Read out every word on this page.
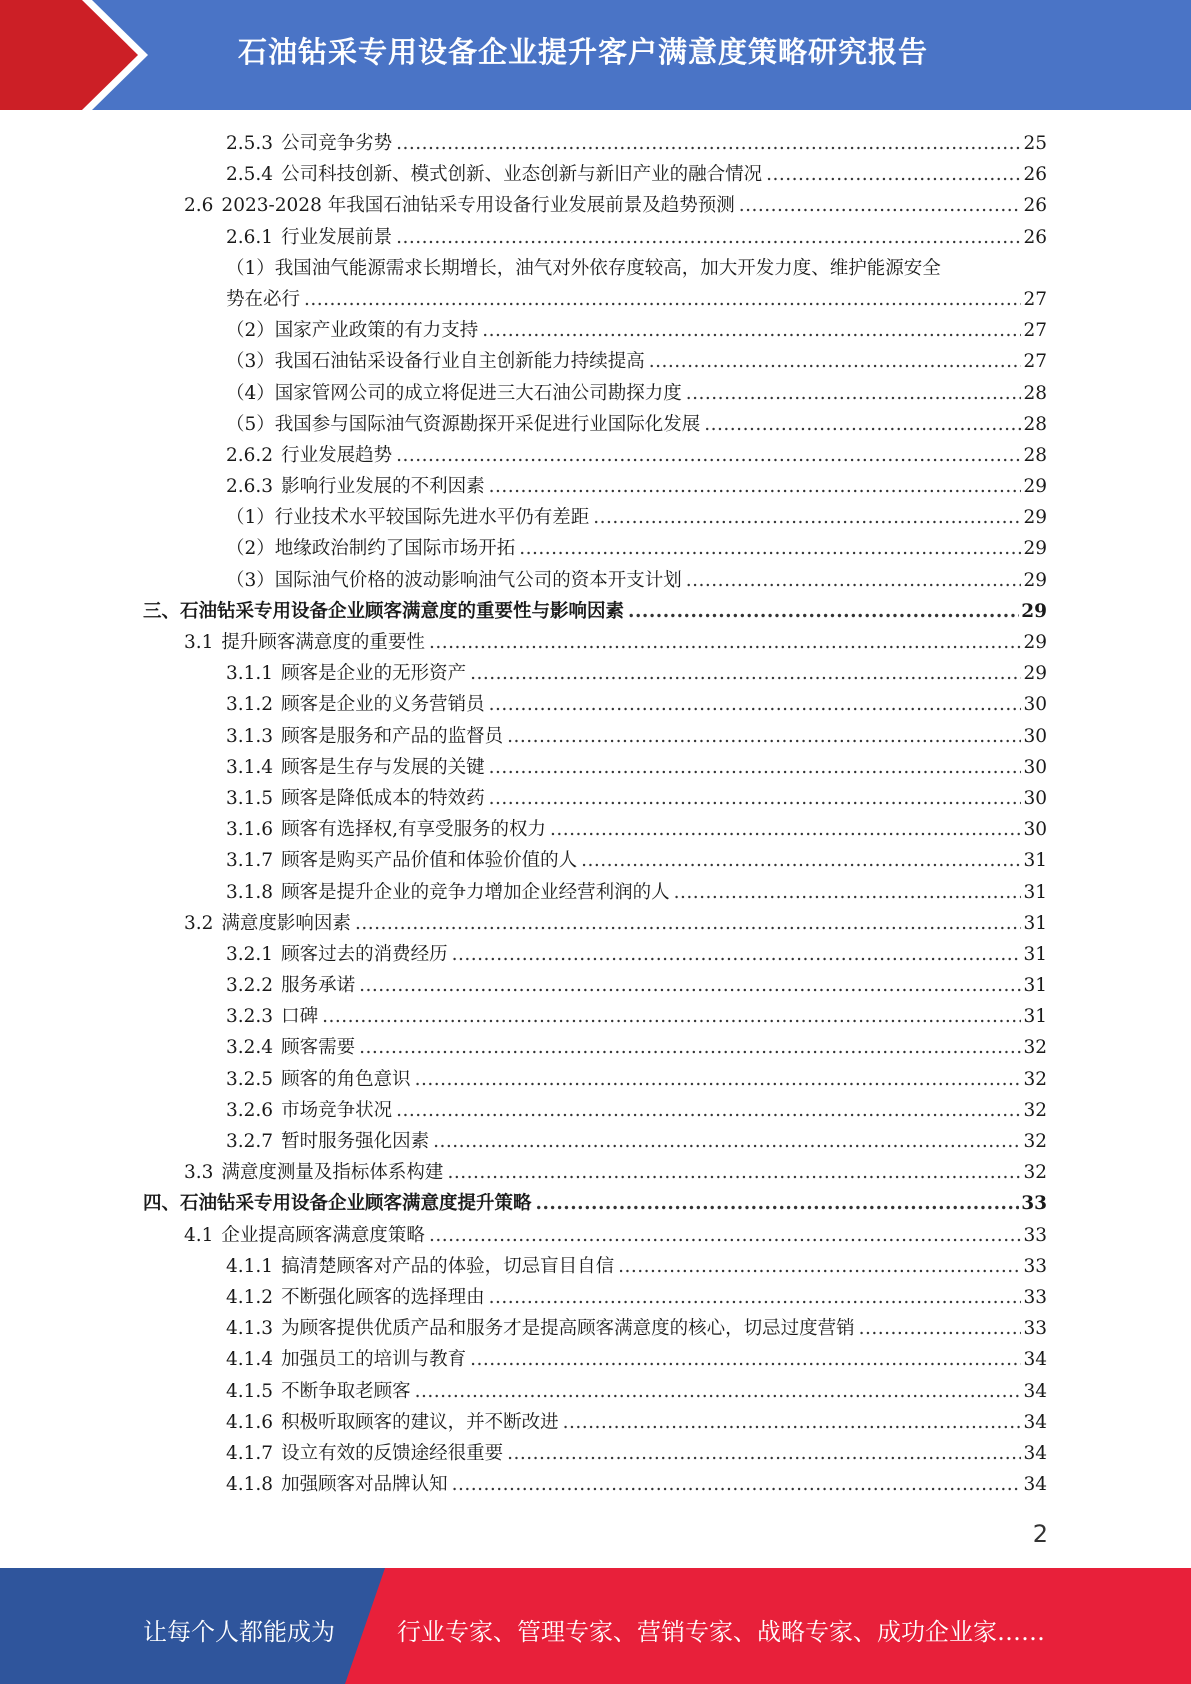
石油钻采专用设备企业提升客户满意度策略研究报告
2.5.3 公司竞争劣势 .....	25
2.5.4 公司科技创新、模式创新、业态创新与新旧产业的融合情况 .....	26
2.6 2023-2028 年我国石油钻采专用设备行业发展前景及趋势预测 .....	26
2.6.1 行业发展前景 .....	26
（1）我国油气能源需求长期增长，油气对外依存度较高，加大开发力度、维护能源安全
势在必行 .....	27
（2）国家产业政策的有力支持 .....	27
（3）我国石油钻采设备行业自主创新能力持续提高 .....	27
（4）国家管网公司的成立将促进三大石油公司勘探力度 .....	28
（5）我国参与国际油气资源勘探开采促进行业国际化发展 .....	28
2.6.2 行业发展趋势 .....	28
2.6.3 影响行业发展的不利因素 .....	29
（1）行业技术水平较国际先进水平仍有差距 .....	29
（2）地缘政治制约了国际市场开拓 .....	29
（3）国际油气价格的波动影响油气公司的资本开支计划 .....	29
三、石油钻采专用设备企业顾客满意度的重要性与影响因素 .....	29
3.1 提升顾客满意度的重要性 .....	29
3.1.1 顾客是企业的无形资产 .....	29
3.1.2 顾客是企业的义务营销员 .....	30
3.1.3 顾客是服务和产品的监督员 .....	30
3.1.4 顾客是生存与发展的关键 .....	30
3.1.5 顾客是降低成本的特效药 .....	30
3.1.6 顾客有选择权,有享受服务的权力 .....	30
3.1.7 顾客是购买产品价值和体验价值的人 .....	31
3.1.8 顾客是提升企业的竞争力增加企业经营利润的人 .....	31
3.2 满意度影响因素 .....	31
3.2.1 顾客过去的消费经历 .....	31
3.2.2 服务承诺 .....	31
3.2.3 口碑 .....	31
3.2.4 顾客需要 .....	32
3.2.5 顾客的角色意识 .....	32
3.2.6 市场竞争状况 .....	32
3.2.7 暂时服务强化因素 .....	32
3.3 满意度测量及指标体系构建 .....	32
四、石油钻采专用设备企业顾客满意度提升策略 .....	33
4.1 企业提高顾客满意度策略 .....	33
4.1.1 搞清楚顾客对产品的体验，切忌盲目自信 .....	33
4.1.2 不断强化顾客的选择理由 .....	33
4.1.3 为顾客提供优质产品和服务才是提高顾客满意度的核心，切忌过度营销 .....	33
4.1.4 加强员工的培训与教育 .....	34
4.1.5 不断争取老顾客 .....	34
4.1.6 积极听取顾客的建议，并不断改进 .....	34
4.1.7 设立有效的反馈途经很重要 .....	34
4.1.8 加强顾客对品牌认知 .....	34
2
让每个人都能成为	行业专家、管理专家、营销专家、战略专家、成功企业家……
